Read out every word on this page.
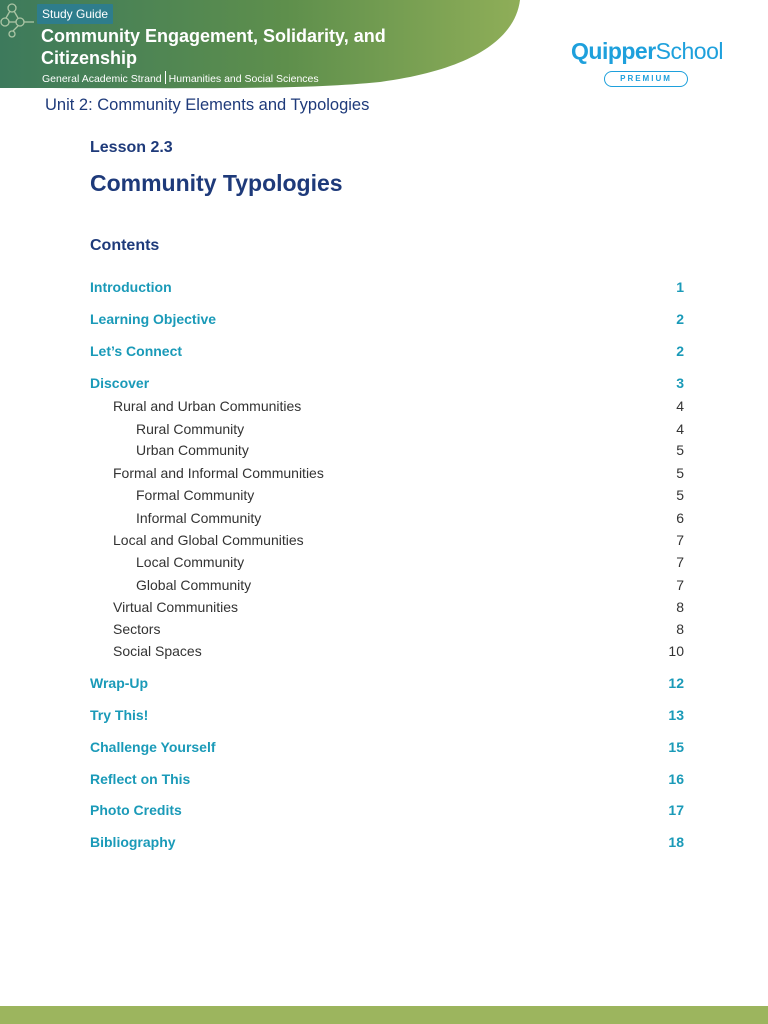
Study Guide
Community Engagement, Solidarity, and Citizenship
General Academic Strand Humanities and Social Sciences
QuipperSchool
PREMIUM
Unit 2: Community Elements and Typologies
Lesson 2.3
Community Typologies
Contents
Introduction	1
Learning Objective	2
Let’s Connect	2
Discover	3
Rural and Urban Communities	4
Rural Community	4
Urban Community	5
Formal and Informal Communities	5
Formal Community	5
Informal Community	6
Local and Global Communities	7
Local Community	7
Global Community	7
Virtual Communities	8
Sectors	8
Social Spaces	10
Wrap-Up	12
Try This!	13
Challenge Yourself	15
Reflect on This	16
Photo Credits	17
Bibliography	18
